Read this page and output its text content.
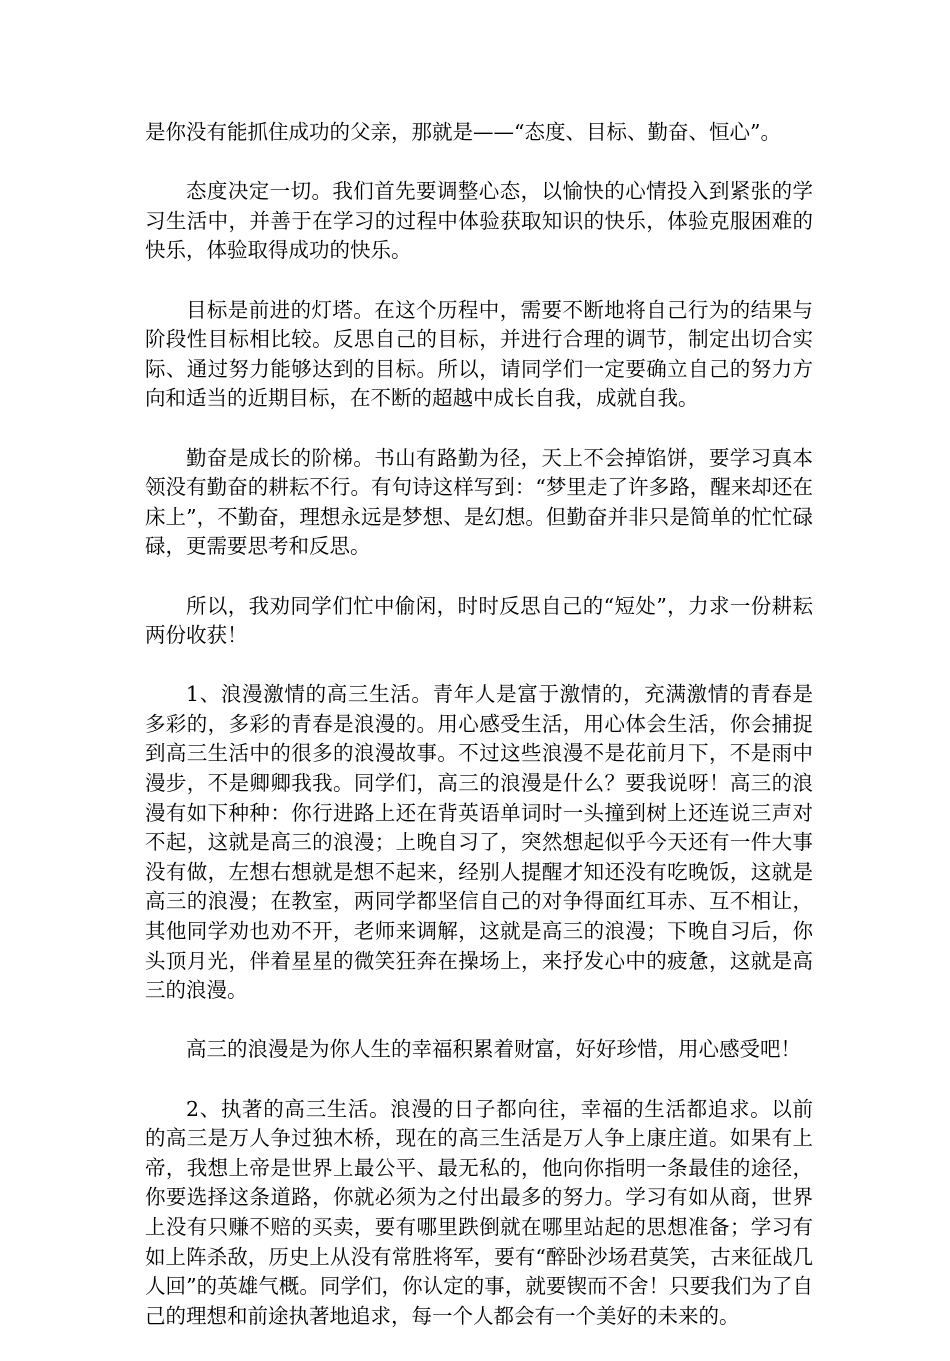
是你没有能抓住成功的父亲，那就是——“态度、目标、勤奋、恒心”。

态度决定一切。我们首先要调整心态，以愉快的心情投入到紧张的学习生活中，并善于在学习的过程中体验获取知识的快乐，体验克服困难的快乐，体验取得成功的快乐。

目标是前进的灯塔。在这个历程中，需要不断地将自己行为的结果与阶段性目标相比较。反思自己的目标，并进行合理的调节，制定出切合实际、通过努力能够达到的目标。所以，请同学们一定要确立自己的努力方向和适当的近期目标，在不断的超越中成长自我，成就自我。

勤奋是成长的阶梯。书山有路勤为径，天上不会掉馅饼，要学习真本领没有勤奋的耕耘不行。有句诗这样写到：“梦里走了许多路，醒来却还在床上”，不勤奋，理想永远是梦想、是幻想。但勤奋并非只是简单的忙忙碌碌，更需要思考和反思。

所以，我劝同学们忙中偷闲，时时反思自己的“短处”，力求一份耕耘两份收获！

1、浪漫激情的高三生活。青年人是富于激情的，充满激情的青春是多彩的，多彩的青春是浪漫的。用心感受生活，用心体会生活，你会捕捉到高三生活中的很多的浪漫故事。不过这些浪漫不是花前月下，不是雨中漫步，不是卿卿我我。同学们，高三的浪漫是什么？要我说呀！高三的浪漫有如下种种：你行进路上还在背英语单词时一头撞到树上还连说三声对不起，这就是高三的浪漫；上晚自习了，突然想起似乎今天还有一件大事没有做，左想右想就是想不起来，经别人提醒才知还没有吃晚饭，这就是高三的浪漫；在教室，两同学都坚信自己的对争得面红耳赤、互不相让，其他同学劝也劝不开，老师来调解，这就是高三的浪漫；下晚自习后，你头顶月光，伴着星星的微笑狂奔在操场上，来抒发心中的疲惫，这就是高三的浪漫。

高三的浪漫是为你人生的幸福积累着财富，好好珍惜，用心感受吧！

2、执著的高三生活。浪漫的日子都向往，幸福的生活都追求。以前的高三是万人争过独木桥，现在的高三生活是万人争上康庄道。如果有上帝，我想上帝是世界上最公平、最无私的，他向你指明一条最佳的途径，你要选择这条道路，你就必须为之付出最多的努力。学习有如从商，世界上没有只赚不赔的买卖，要有哪里跌倒就在哪里站起的思想准备；学习有如上阵杀敌，历史上从没有常胜将军，要有“醉卧沙场君莫笑，古来征战几人回”的英雄气概。同学们，你认定的事，就要锲而不舍！只要我们为了自己的理想和前途执著地追求，每一个人都会有一个美好的未来的。
